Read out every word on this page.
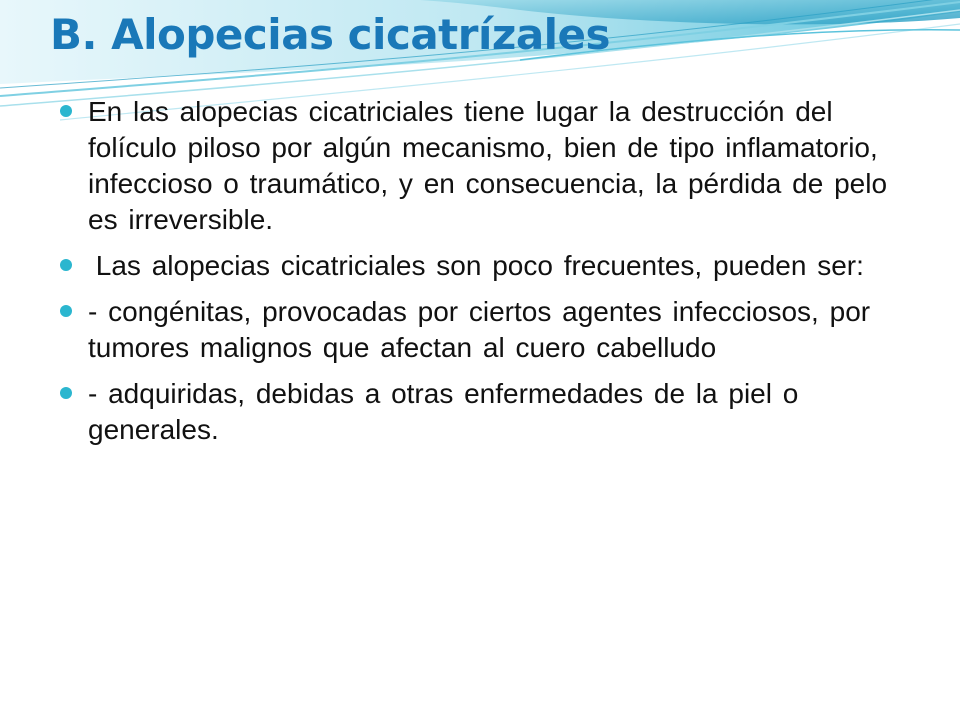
B. Alopecias cicatrízales
En las alopecias cicatriciales tiene lugar la destrucción del folículo piloso por algún mecanismo, bien de tipo inflamatorio, infeccioso o traumático, y en consecuencia, la pérdida de pelo es irreversible.
Las alopecias cicatriciales son poco frecuentes, pueden ser:
- congénitas, provocadas por ciertos agentes infecciosos, por tumores malignos que afectan al cuero cabelludo
- adquiridas, debidas a otras enfermedades de la piel o generales.
